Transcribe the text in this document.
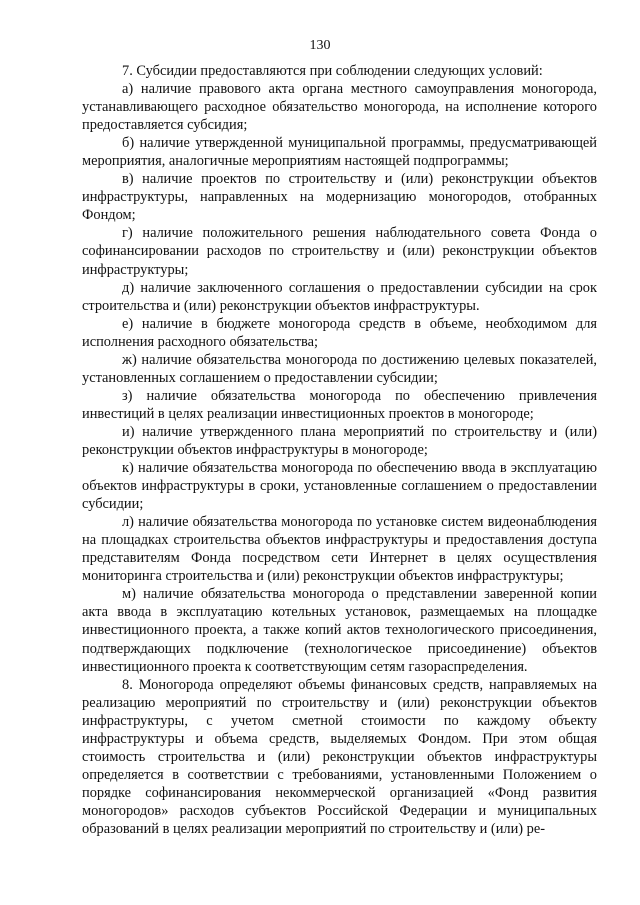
130

7. Субсидии предоставляются при соблюдении следующих условий:

а) наличие правового акта органа местного самоуправления моногорода, устанавливающего расходное обязательство моногорода, на исполнение которого предоставляется субсидия;

б) наличие утвержденной муниципальной программы, предусматривающей мероприятия, аналогичные мероприятиям настоящей подпрограммы;

в) наличие проектов по строительству и (или) реконструкции объектов инфраструктуры, направленных на модернизацию моногородов, отобранных Фондом;

г) наличие положительного решения наблюдательного совета Фонда о софинансировании расходов по строительству и (или) реконструкции объектов инфраструктуры;

д) наличие заключенного соглашения о предоставлении субсидии на срок строительства и (или) реконструкции объектов инфраструктуры.

е) наличие в бюджете моногорода средств в объеме, необходимом для исполнения расходного обязательства;

ж) наличие обязательства моногорода по достижению целевых показателей, установленных соглашением о предоставлении субсидии;

з) наличие обязательства моногорода по обеспечению привлечения инвестиций в целях реализации инвестиционных проектов в моногороде;

и) наличие утвержденного плана мероприятий по строительству и (или) реконструкции объектов инфраструктуры в моногороде;

к) наличие обязательства моногорода по обеспечению ввода в эксплуатацию объектов инфраструктуры в сроки, установленные соглашением о предоставлении субсидии;

л) наличие обязательства моногорода по установке систем видеонаблюдения на площадках строительства объектов инфраструктуры и предоставления доступа представителям Фонда посредством сети Интернет в целях осуществления мониторинга строительства и (или) реконструкции объектов инфраструктуры;

м) наличие обязательства моногорода о представлении заверенной копии акта ввода в эксплуатацию котельных установок, размещаемых на площадке инвестиционного проекта, а также копий актов технологического присоединения, подтверждающих подключение (технологическое присоединение) объектов инвестиционного проекта к соответствующим сетям газораспределения.

8. Моногорода определяют объемы финансовых средств, направляемых на реализацию мероприятий по строительству и (или) реконструкции объектов инфраструктуры, с учетом сметной стоимости по каждому объекту инфраструктуры и объема средств, выделяемых Фондом. При этом общая стоимость строительства и (или) реконструкции объектов инфраструктуры определяется в соответствии с требованиями, установленными Положением о порядке софинансирования некоммерческой организацией «Фонд развития моногородов» расходов субъектов Российской Федерации и муниципальных образований в целях реализации мероприятий по строительству и (или) ре-
